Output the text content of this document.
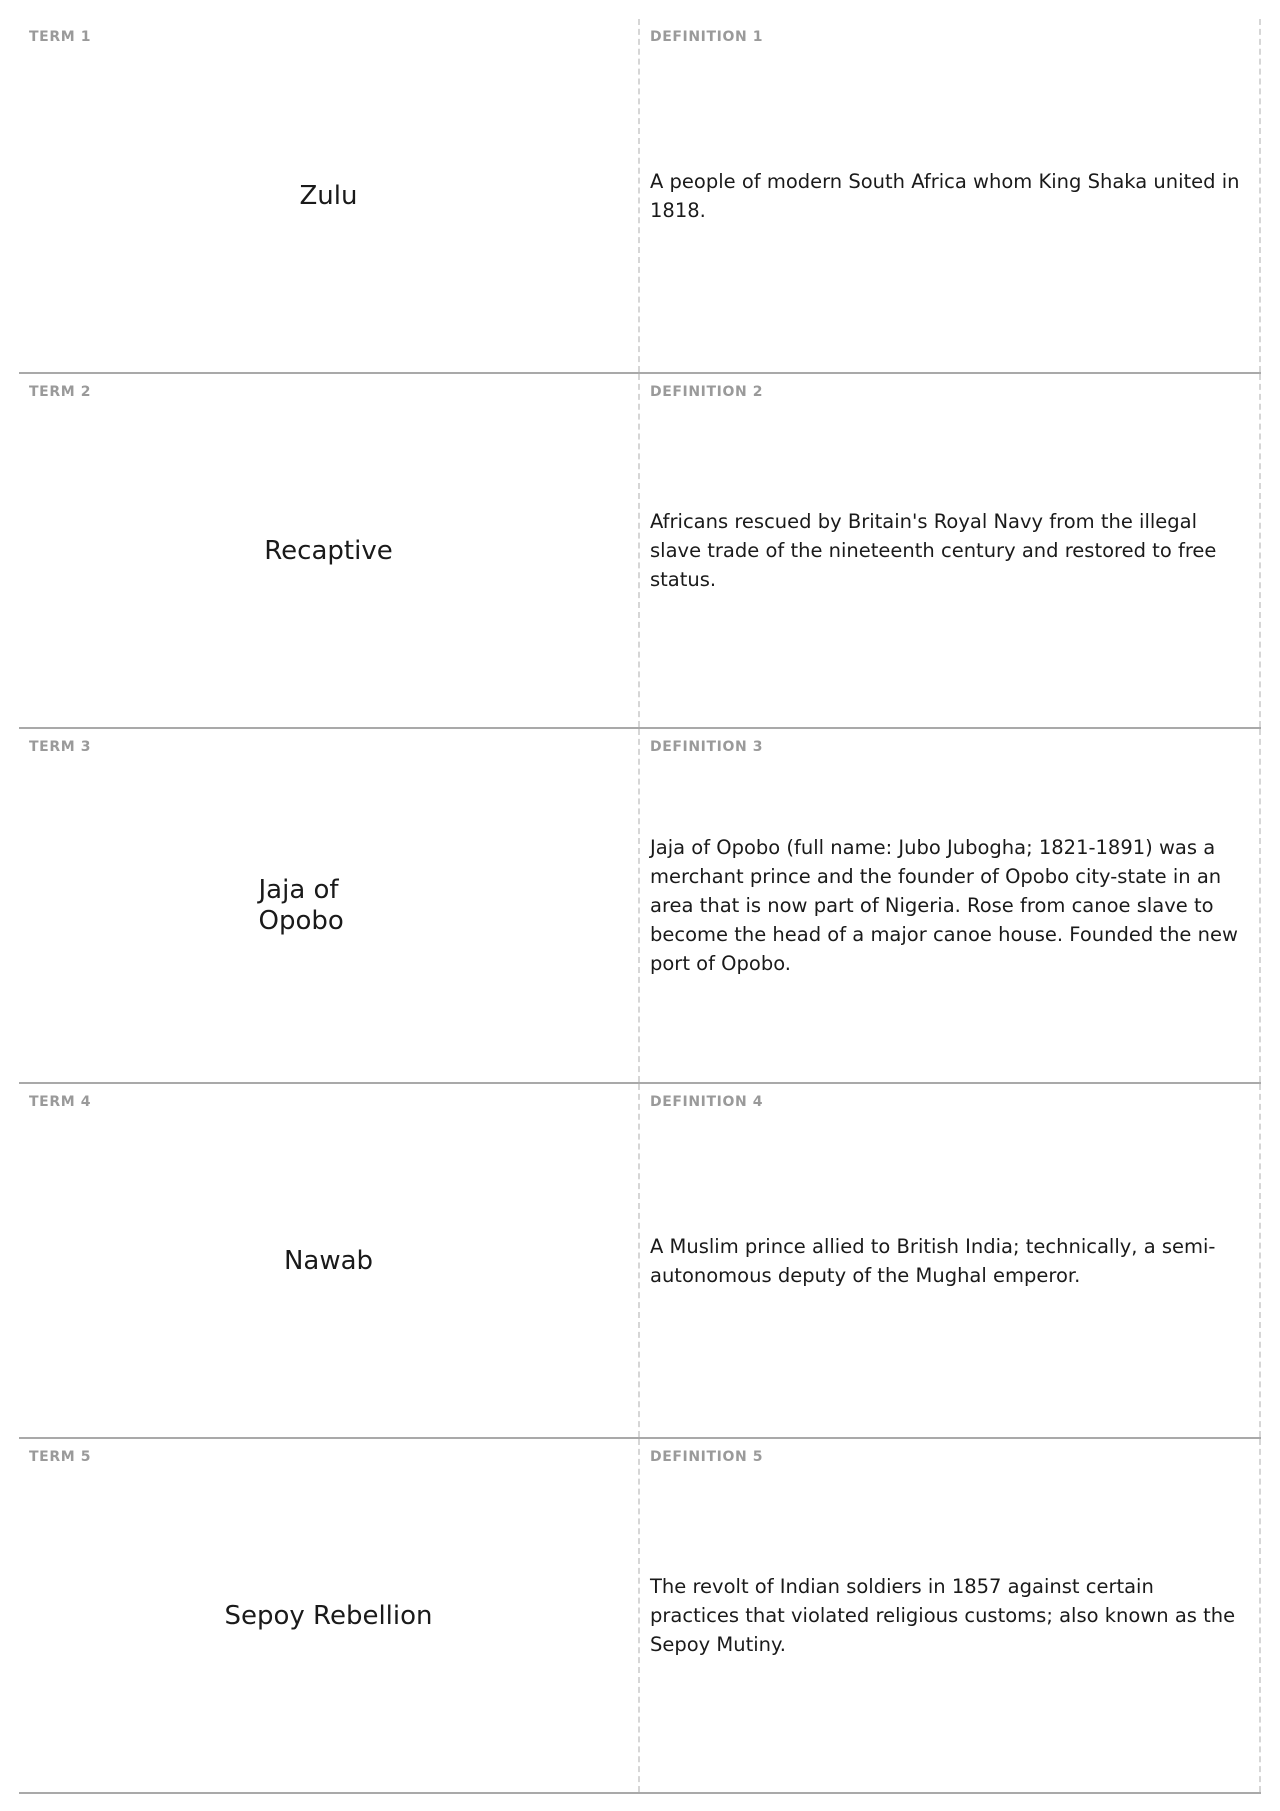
TERM 1
Zulu
DEFINITION 1
A people of modern South Africa whom King Shaka united in 1818.
TERM 2
Recaptive
DEFINITION 2
Africans rescued by Britain's Royal Navy from the illegal slave trade of the nineteenth century and restored to free status.
TERM 3
Jaja of Opobo
DEFINITION 3
Jaja of Opobo (full name: Jubo Jubogha; 1821-1891) was a merchant prince and the founder of Opobo city-state in an area that is now part of Nigeria. Rose from canoe slave to become the head of a major canoe house. Founded the new port of Opobo.
TERM 4
Nawab
DEFINITION 4
A Muslim prince allied to British India; technically, a semi-autonomous deputy of the Mughal emperor.
TERM 5
Sepoy Rebellion
DEFINITION 5
The revolt of Indian soldiers in 1857 against certain practices that violated religious customs; also known as the Sepoy Mutiny.
